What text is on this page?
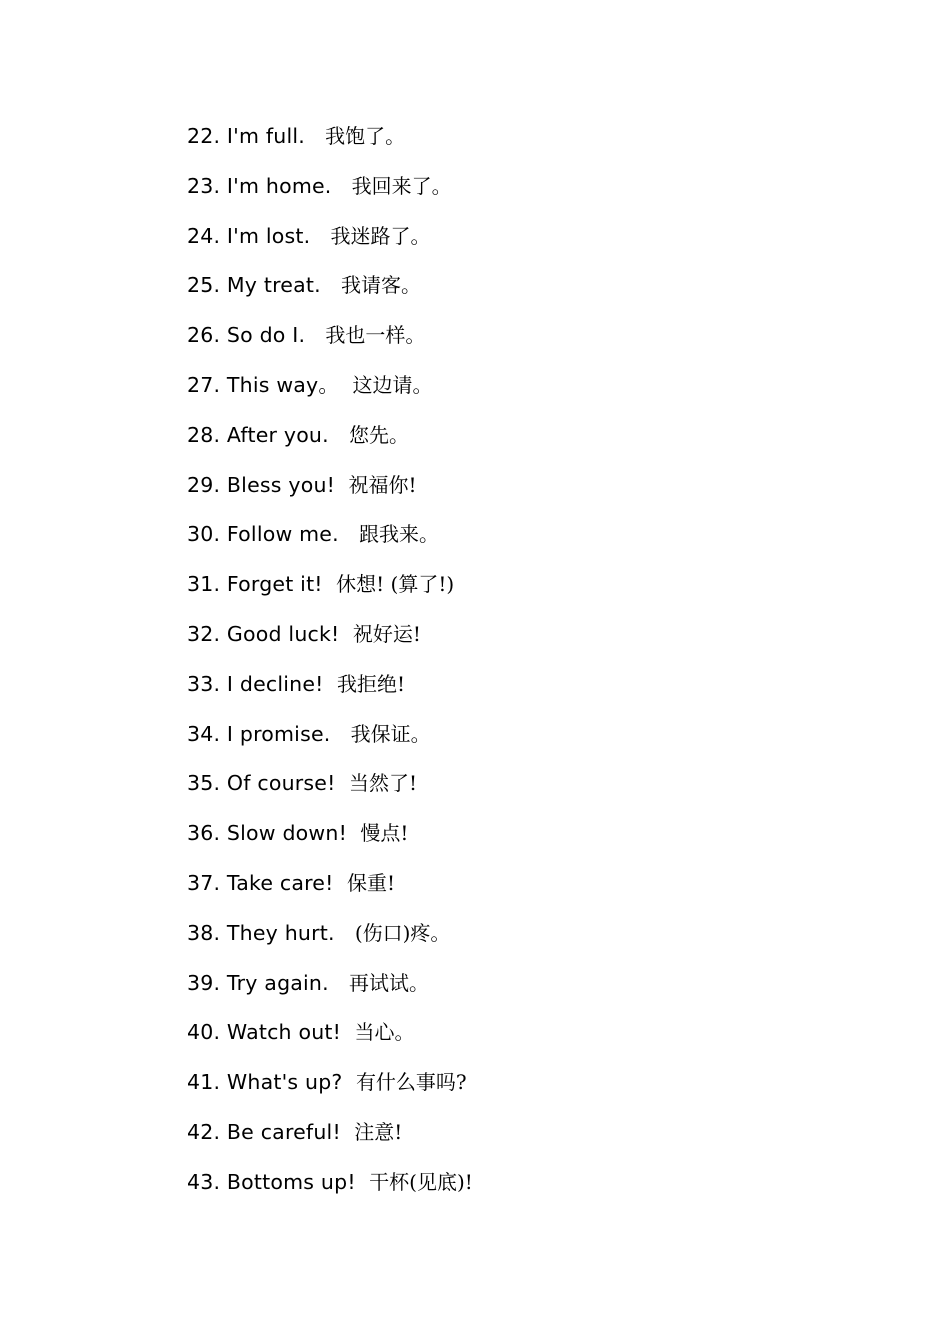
22. I'm full.   我饱了。
23. I'm home.   我回来了。
24. I'm lost.   我迷路了。
25. My treat.   我请客。
26. So do I.   我也一样。
27. This way。  这边请。
28. After you.   您先。
29. Bless you!  祝福你!
30. Follow me.   跟我来。
31. Forget it!  休想! (算了!)
32. Good luck!  祝好运!
33. I decline!  我拒绝!
34. I promise.   我保证。
35. Of course!  当然了!
36. Slow down!  慢点!
37. Take care!  保重!
38. They hurt.   (伤口)疼。
39. Try again.   再试试。
40. Watch out!  当心。
41. What's up?  有什么事吗?
42. Be careful!  注意!
43. Bottoms up!  干杯(见底)!
